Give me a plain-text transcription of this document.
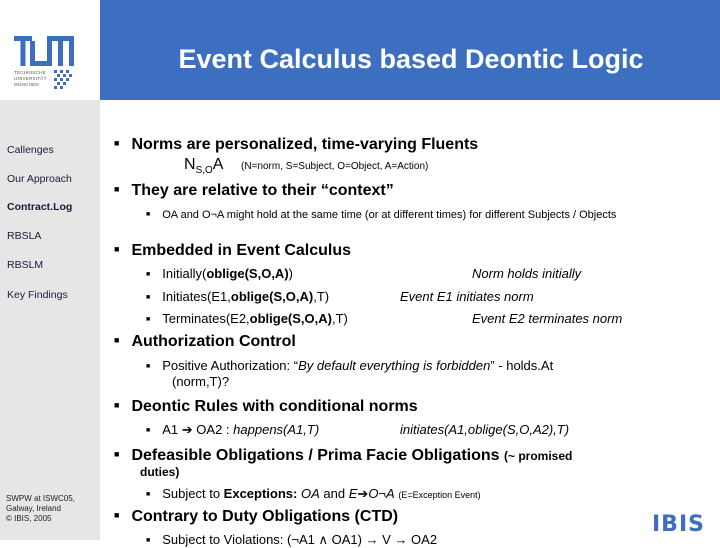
TECHNISCHE UNIVERSITÄT MÜNCHEN
Event Calculus based Deontic Logic
Callenges
Our Approach
Contract.Log
RBSLA
RBSLM
Key Findings
SWPW at ISWC05,
Galway, Ireland
© IBIS, 2005
■ Norms are personalized, time-varying Fluents
$N_{S,O}A$ (N=norm, S=Subject, O=Object, A=Action)
■ They are relative to their “context”
■ OA and O¬A might hold at the same time (or at different times) for different Subjects / Objects
■ Embedded in Event Calculus
■ Initially(oblige(S,O,A))	Norm holds initially
■ Initiates(E1,oblige(S,O,A),T)	Event E1 initiates norm
■ Terminates(E2,oblige(S,O,A),T)	Event E2 terminates norm
■ Authorization Control
■ Positive Authorization: “By default everything is forbidden” - holds.At
(norm,T)?
■ Deontic Rules with conditional norms
■ A1 ➔ OA2 : happens(A1,T)	initiates(A1,oblige(S,O,A2),T)
■ Defeasible Obligations / Prima Facie Obligations (~ promised
duties)
■ Subject to Exceptions: OA and E➔O¬A (E=Exception Event)
■ Contrary to Duty Obligations (CTD)
■ Subject to Violations: (¬A1 ∧ OA1) → V → OA2
IBIS
